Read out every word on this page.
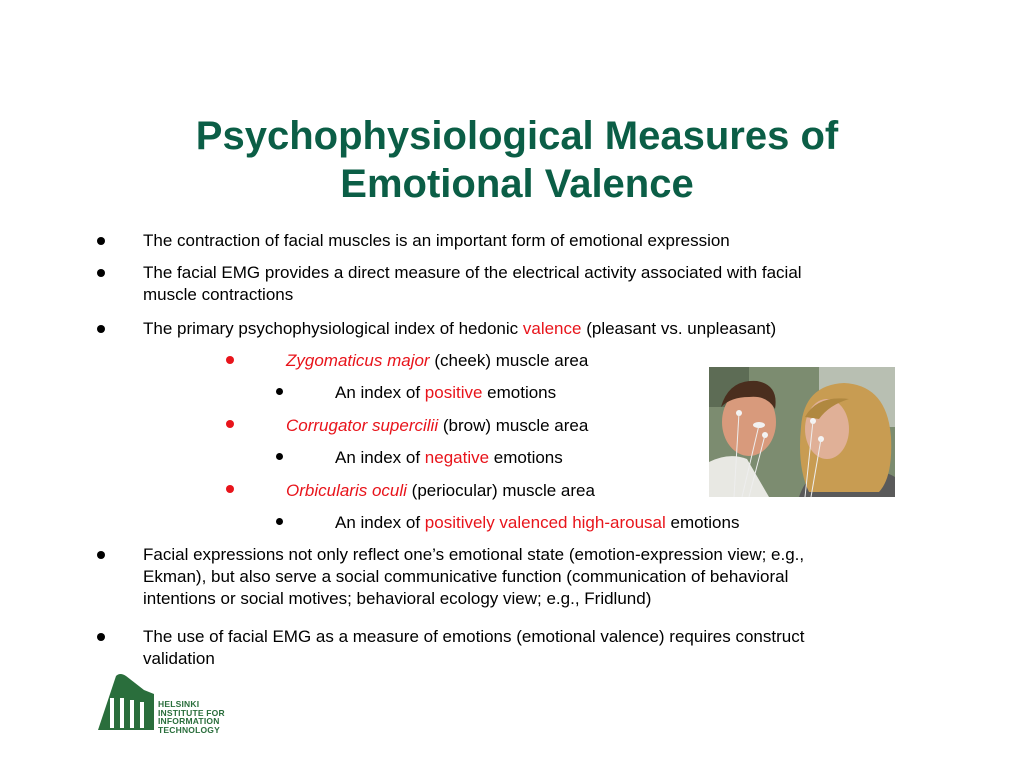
Psychophysiological Measures of
Emotional Valence
The contraction of facial muscles is an important form of emotional expression
The facial EMG provides a direct measure of the electrical activity associated with facial
muscle contractions
The primary psychophysiological index of hedonic valence (pleasant vs. unpleasant)
Zygomaticus major (cheek) muscle area
An index of positive emotions
Corrugator supercilii (brow) muscle area
An index of negative emotions
Orbicularis oculi (periocular) muscle area
An index of positively valenced high-arousal emotions
Facial expressions not only reflect one’s emotional state (emotion-expression view; e.g.,
Ekman), but also serve a social communicative function (communication of behavioral
intentions or social motives; behavioral ecology view; e.g., Fridlund)
The use of facial EMG as a measure of emotions (emotional valence) requires construct
validation
HELSINKI
INSTITUTE FOR
INFORMATION
TECHNOLOGY
